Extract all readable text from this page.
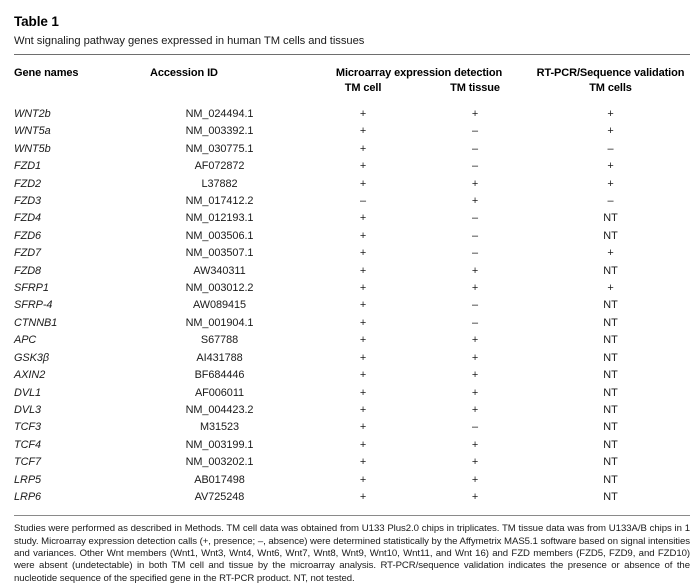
Table 1
Wnt signaling pathway genes expressed in human TM cells and tissues
Gene names	Accession ID	Microarray expression detection		RT-PCR/Sequence validation
		TM cell	TM tissue	TM cells
WNT2b	NM_024494.1	+	+	+
WNT5a	NM_003392.1	+	–	+
WNT5b	NM_030775.1	+	–	–
FZD1	AF072872	+	–	+
FZD2	L37882	+	+	+
FZD3	NM_017412.2	–	+	–
FZD4	NM_012193.1	+	–	NT
FZD6	NM_003506.1	+	–	NT
FZD7	NM_003507.1	+	–	+
FZD8	AW340311	+	+	NT
SFRP1	NM_003012.2	+	+	+
SFRP-4	AW089415	+	–	NT
CTNNB1	NM_001904.1	+	–	NT
APC	S67788	+	+	NT
GSK3β	AI431788	+	+	NT
AXIN2	BF684446	+	+	NT
DVL1	AF006011	+	+	NT
DVL3	NM_004423.2	+	+	NT
TCF3	M31523	+	–	NT
TCF4	NM_003199.1	+	+	NT
TCF7	NM_003202.1	+	+	NT
LRP5	AB017498	+	+	NT
LRP6	AV725248	+	+	NT
Studies were performed as described in Methods. TM cell data was obtained from U133 Plus2.0 chips in triplicates. TM tissue data was from U133A/B chips in 1 study. Microarray expression detection calls (+, presence; –, absence) were determined statistically by the Affymetrix MAS5.1 software based on signal intensities and variances. Other Wnt members (Wnt1, Wnt3, Wnt4, Wnt6, Wnt7, Wnt8, Wnt9, Wnt10, Wnt11, and Wnt 16) and FZD members (FZD5, FZD9, and FZD10) were absent (undetectable) in both TM cell and tissue by the microarray analysis. RT-PCR/sequence validation indicates the presence or absence of the nucleotide sequence of the specified gene in the RT-PCR product. NT, not tested.
